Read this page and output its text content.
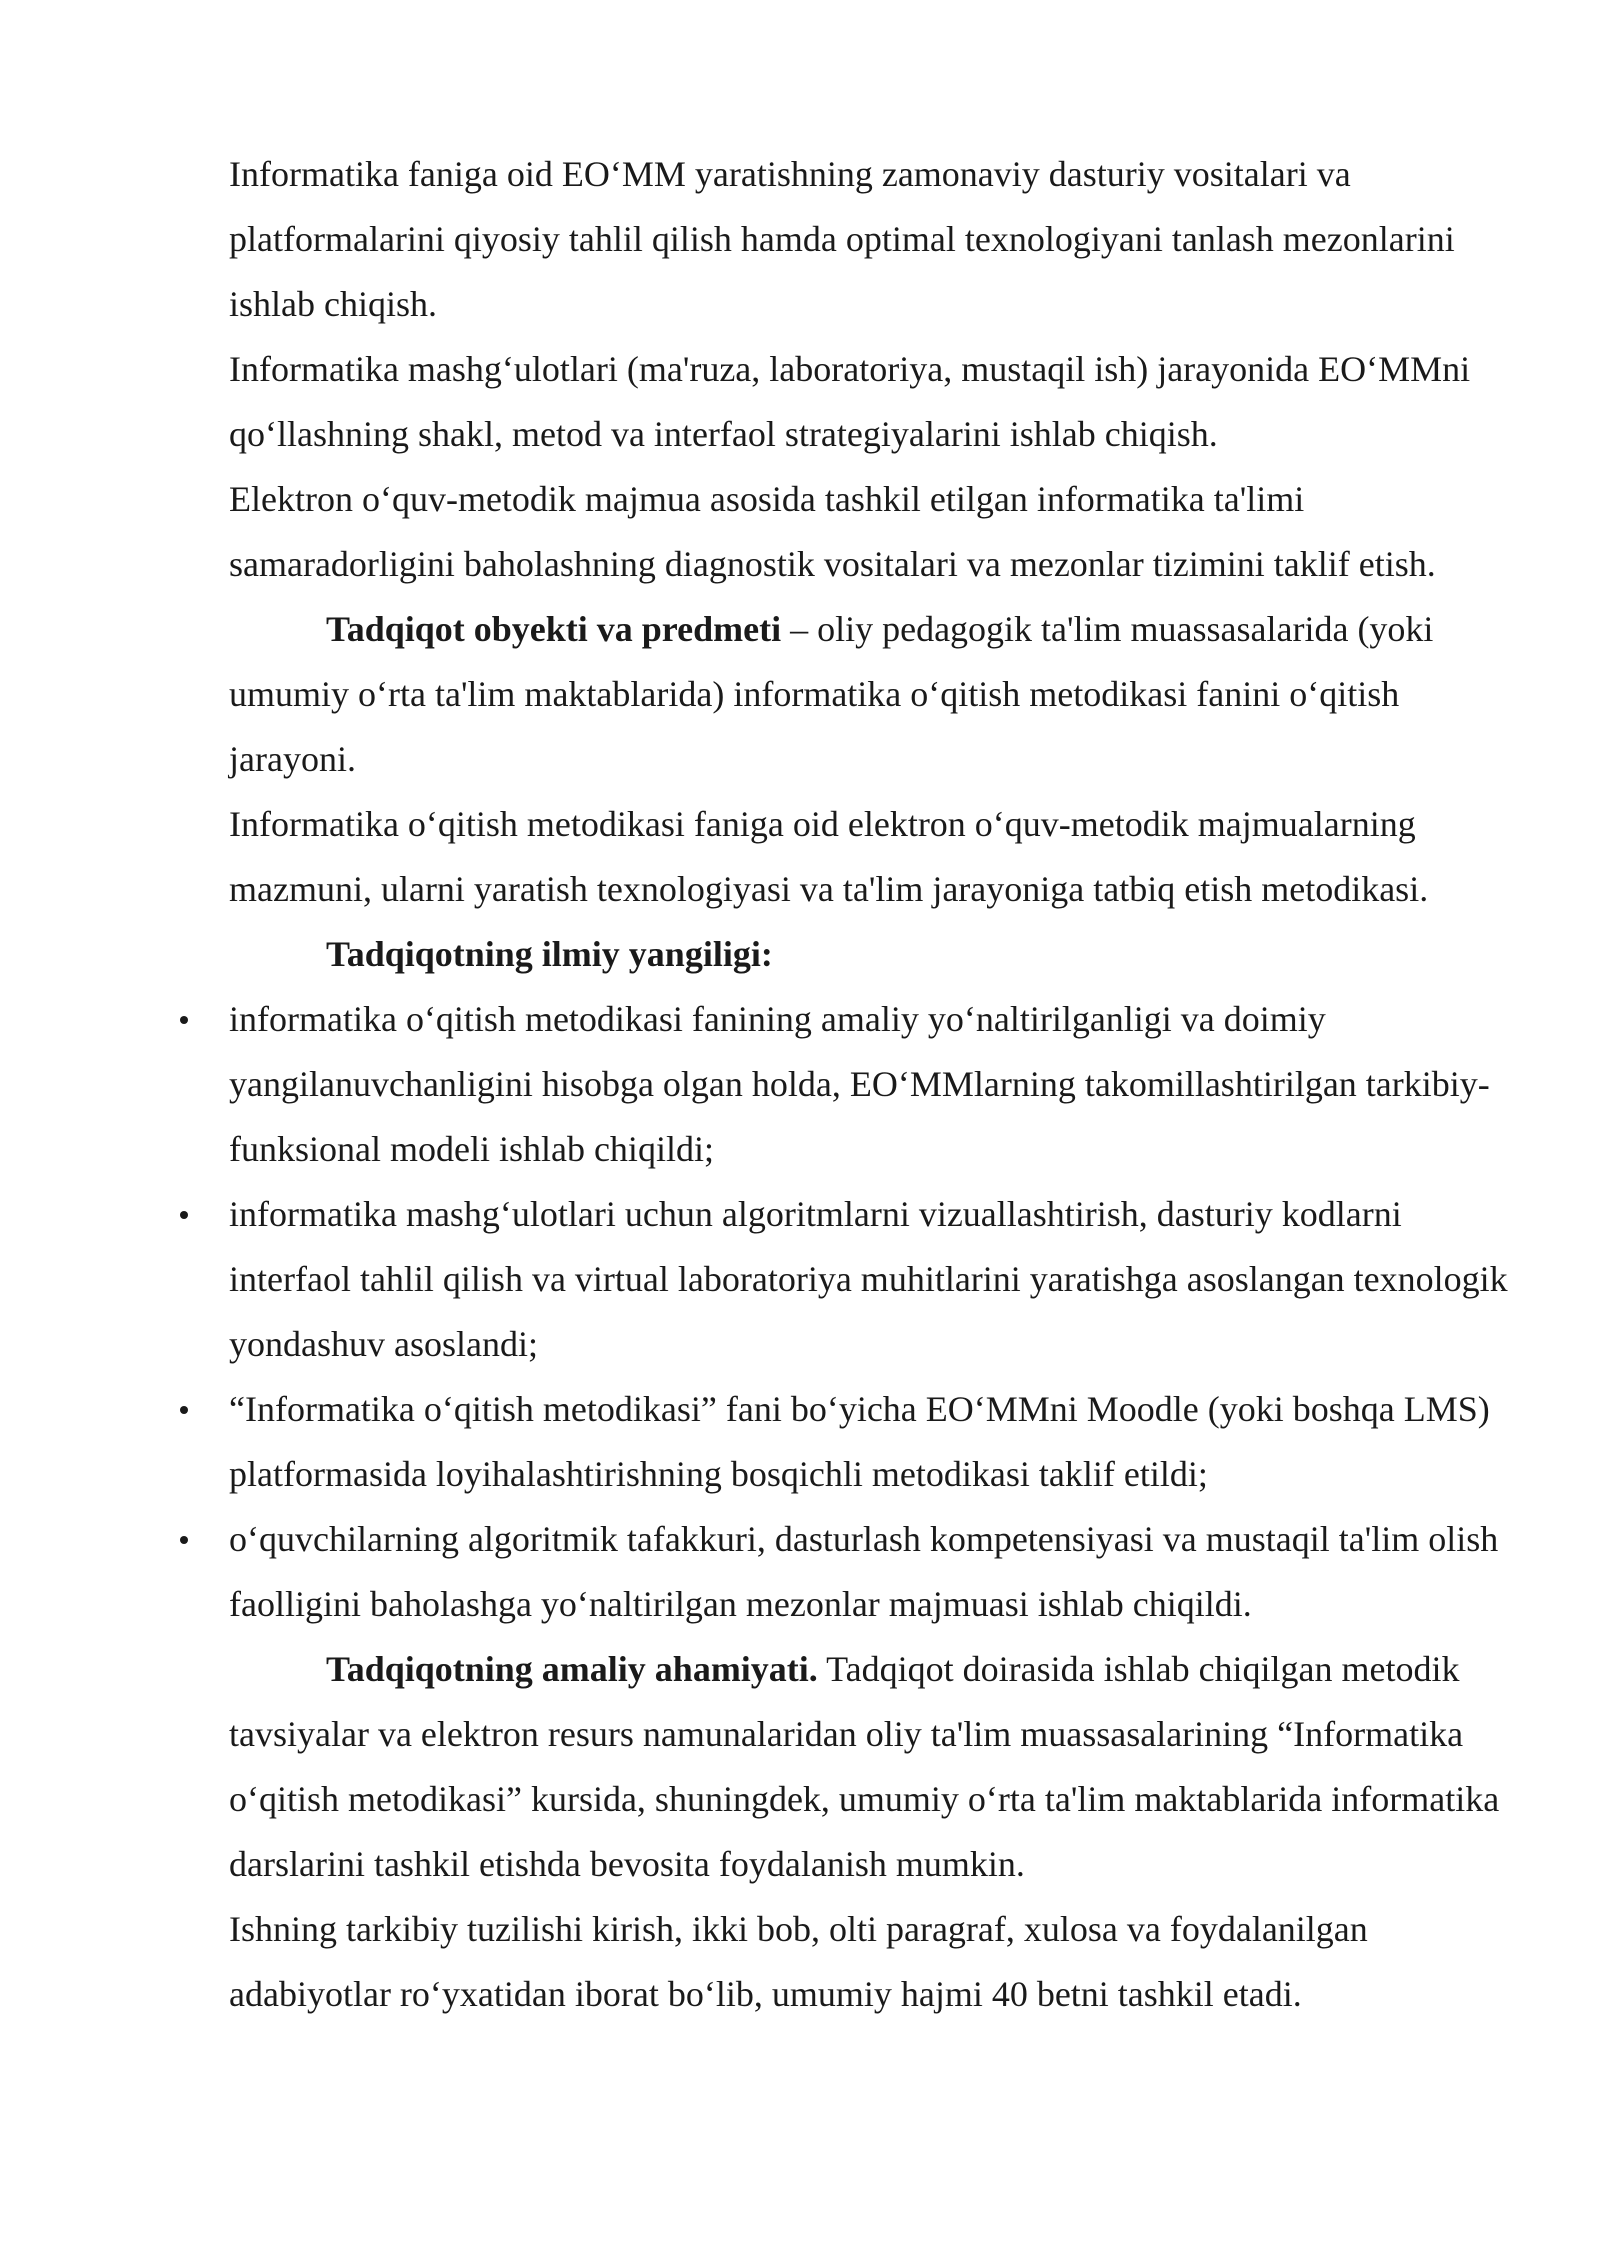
Informatika faniga oid EO‘MM yaratishning zamonaviy dasturiy vositalari va platformalarini qiyosiy tahlil qilish hamda optimal texnologiyani tanlash mezonlarini ishlab chiqish.

Informatika mashg‘ulotlari (ma'ruza, laboratoriya, mustaqil ish) jarayonida EO‘MMni qo‘llashning shakl, metod va interfaol strategiyalarini ishlab chiqish.

Elektron o‘quv-metodik majmua asosida tashkil etilgan informatika ta'limi samaradorligini baholashning diagnostik vositalari va mezonlar tizimini taklif etish.

Tadqiqot obyekti va predmeti – oliy pedagogik ta'lim muassasalarida (yoki umumiy o‘rta ta'lim maktablarida) informatika o‘qitish metodikasi fanini o‘qitish jarayoni.

Informatika o‘qitish metodikasi faniga oid elektron o‘quv-metodik majmualarning mazmuni, ularni yaratish texnologiyasi va ta'lim jarayoniga tatbiq etish metodikasi.

Tadqiqotning ilmiy yangiligi:

informatika o‘qitish metodikasi fanining amaliy yo‘naltirilganligi va doimiy yangilanuvchanligini hisobga olgan holda, EO‘MMlarning takomillashtirilgan tarkibiy-funksional modeli ishlab chiqildi;
informatika mashg‘ulotlari uchun algoritmlarni vizuallashtirish, dasturiy kodlarni interfaol tahlil qilish va virtual laboratoriya muhitlarini yaratishga asoslangan texnologik yondashuv asoslandi;
“Informatika o‘qitish metodikasi” fani bo‘yicha EO‘MMni Moodle (yoki boshqa LMS) platformasida loyihalashtirishning bosqichli metodikasi taklif etildi;
o‘quvchilarning algoritmik tafakkuri, dasturlash kompetensiyasi va mustaqil ta'lim olish faolligini baholashga yo‘naltirilgan mezonlar majmuasi ishlab chiqildi.

Tadqiqotning amaliy ahamiyati. Tadqiqot doirasida ishlab chiqilgan metodik tavsiyalar va elektron resurs namunalaridan oliy ta'lim muassasalarining “Informatika o‘qitish metodikasi” kursida, shuningdek, umumiy o‘rta ta'lim maktablarida informatika darslarini tashkil etishda bevosita foydalanish mumkin.

Ishning tarkibiy tuzilishi kirish, ikki bob, olti paragraf, xulosa va foydalanilgan adabiyotlar ro‘yxatidan iborat bo‘lib, umumiy hajmi 40 betni tashkil etadi.
